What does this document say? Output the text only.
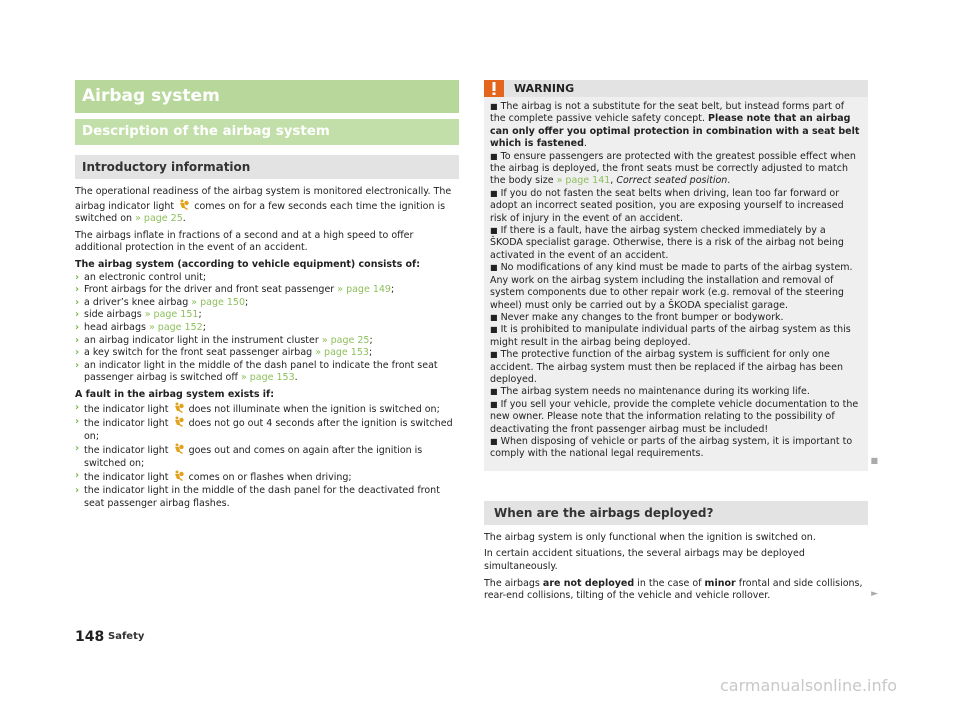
Airbag system
Description of the airbag system
Introductory information

The operational readiness of the airbag system is monitored electronically. The airbag indicator light comes on for a few seconds each time the ignition is switched on » page 25.

The airbags inflate in fractions of a second and at a high speed to offer additional protection in the event of an accident.

The airbag system (according to vehicle equipment) consists of:

› an electronic control unit;
› Front airbags for the driver and front seat passenger » page 149;
› a driver’s knee airbag » page 150;
› side airbags » page 151;
› head airbags » page 152;
› an airbag indicator light in the instrument cluster » page 25;
› a key switch for the front seat passenger airbag » page 153;
› an indicator light in the middle of the dash panel to indicate the front seat passenger airbag is switched off » page 153.

A fault in the airbag system exists if:

› the indicator light does not illuminate when the ignition is switched on;
› the indicator light does not go out 4 seconds after the ignition is switched on;
› the indicator light goes out and comes on again after the ignition is switched on;
› the indicator light comes on or flashes when driving;
› the indicator light in the middle of the dash panel for the deactivated front seat passenger airbag flashes.
WARNING

■ The airbag is not a substitute for the seat belt, but instead forms part of the complete passive vehicle safety concept. Please note that an airbag can only offer you optimal protection in combination with a seat belt which is fastened.

■ To ensure passengers are protected with the greatest possible effect when the airbag is deployed, the front seats must be correctly adjusted to match the body size » page 141, Correct seated position.

■ If you do not fasten the seat belts when driving, lean too far forward or adopt an incorrect seated position, you are exposing yourself to increased risk of injury in the event of an accident.

■ If there is a fault, have the airbag system checked immediately by a ŠKODA specialist garage. Otherwise, there is a risk of the airbag not being activated in the event of an accident.

■ No modifications of any kind must be made to parts of the airbag system. Any work on the airbag system including the installation and removal of system components due to other repair work (e.g. removal of the steering wheel) must only be carried out by a ŠKODA specialist garage.

■ Never make any changes to the front bumper or bodywork.

■ It is prohibited to manipulate individual parts of the airbag system as this might result in the airbag being deployed.

■ The protective function of the airbag system is sufficient for only one accident. The airbag system must then be replaced if the airbag has been deployed.

■ The airbag system needs no maintenance during its working life.

■ If you sell your vehicle, provide the complete vehicle documentation to the new owner. Please note that the information relating to the possibility of deactivating the front passenger airbag must be included!

■ When disposing of vehicle or parts of the airbag system, it is important to comply with the national legal requirements.

■
When are the airbags deployed?

The airbag system is only functional when the ignition is switched on.

In certain accident situations, the several airbags may be deployed simultaneously.

The airbags are not deployed in the case of minor frontal and side collisions, rear-end collisions, tilting of the vehicle and vehicle rollover.	►
148 Safety
carmanualsonline.info
